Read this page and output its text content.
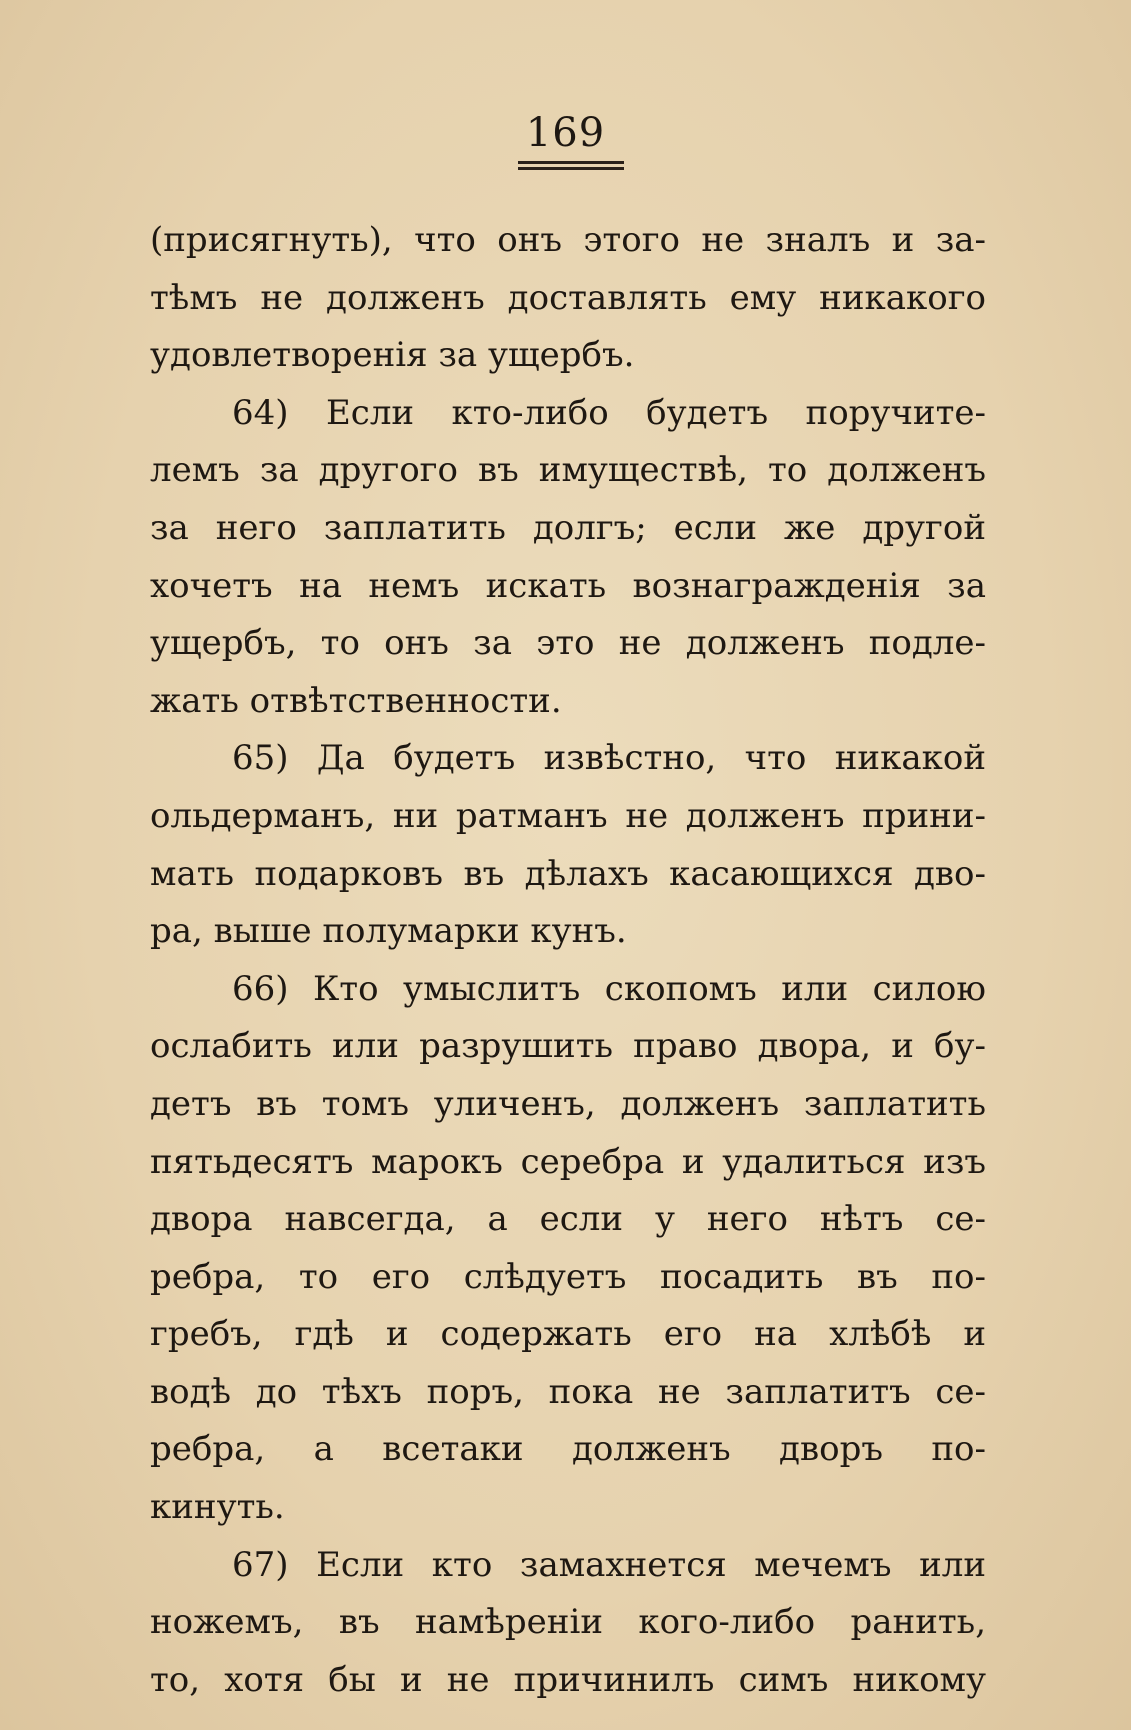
169
(присягнуть), что онъ этого не зналъ и за-
тѣмъ не долженъ доставлять ему никакого
удовлетворенія за ущербъ.
64) Если кто-либо будетъ поручите-
лемъ за другого въ имуществѣ, то долженъ
за него заплатить долгъ; если же другой
хочетъ на немъ искать вознагражденія за
ущербъ, то онъ за это не долженъ подле-
жать отвѣтственности.
65) Да будетъ извѣстно, что никакой
ольдерманъ, ни ратманъ не долженъ прини-
мать подарковъ въ дѣлахъ касающихся дво-
ра, выше полумарки кунъ.
66) Кто умыслитъ скопомъ или силою
ослабить или разрушить право двора, и бу-
детъ въ томъ уличенъ, долженъ заплатить
пятьдесятъ марокъ серебра и удалиться изъ
двора навсегда, а если у него нѣтъ се-
ребра, то его слѣдуетъ посадить въ по-
гребъ, гдѣ и содержать его на хлѣбѣ и
водѣ до тѣхъ поръ, пока не заплатитъ се-
ребра, а всетаки долженъ дворъ по-
кинуть.
67) Если кто замахнется мечемъ или
ножемъ, въ намѣреніи кого-либо ранить,
то, хотя бы и не причинилъ симъ никому
